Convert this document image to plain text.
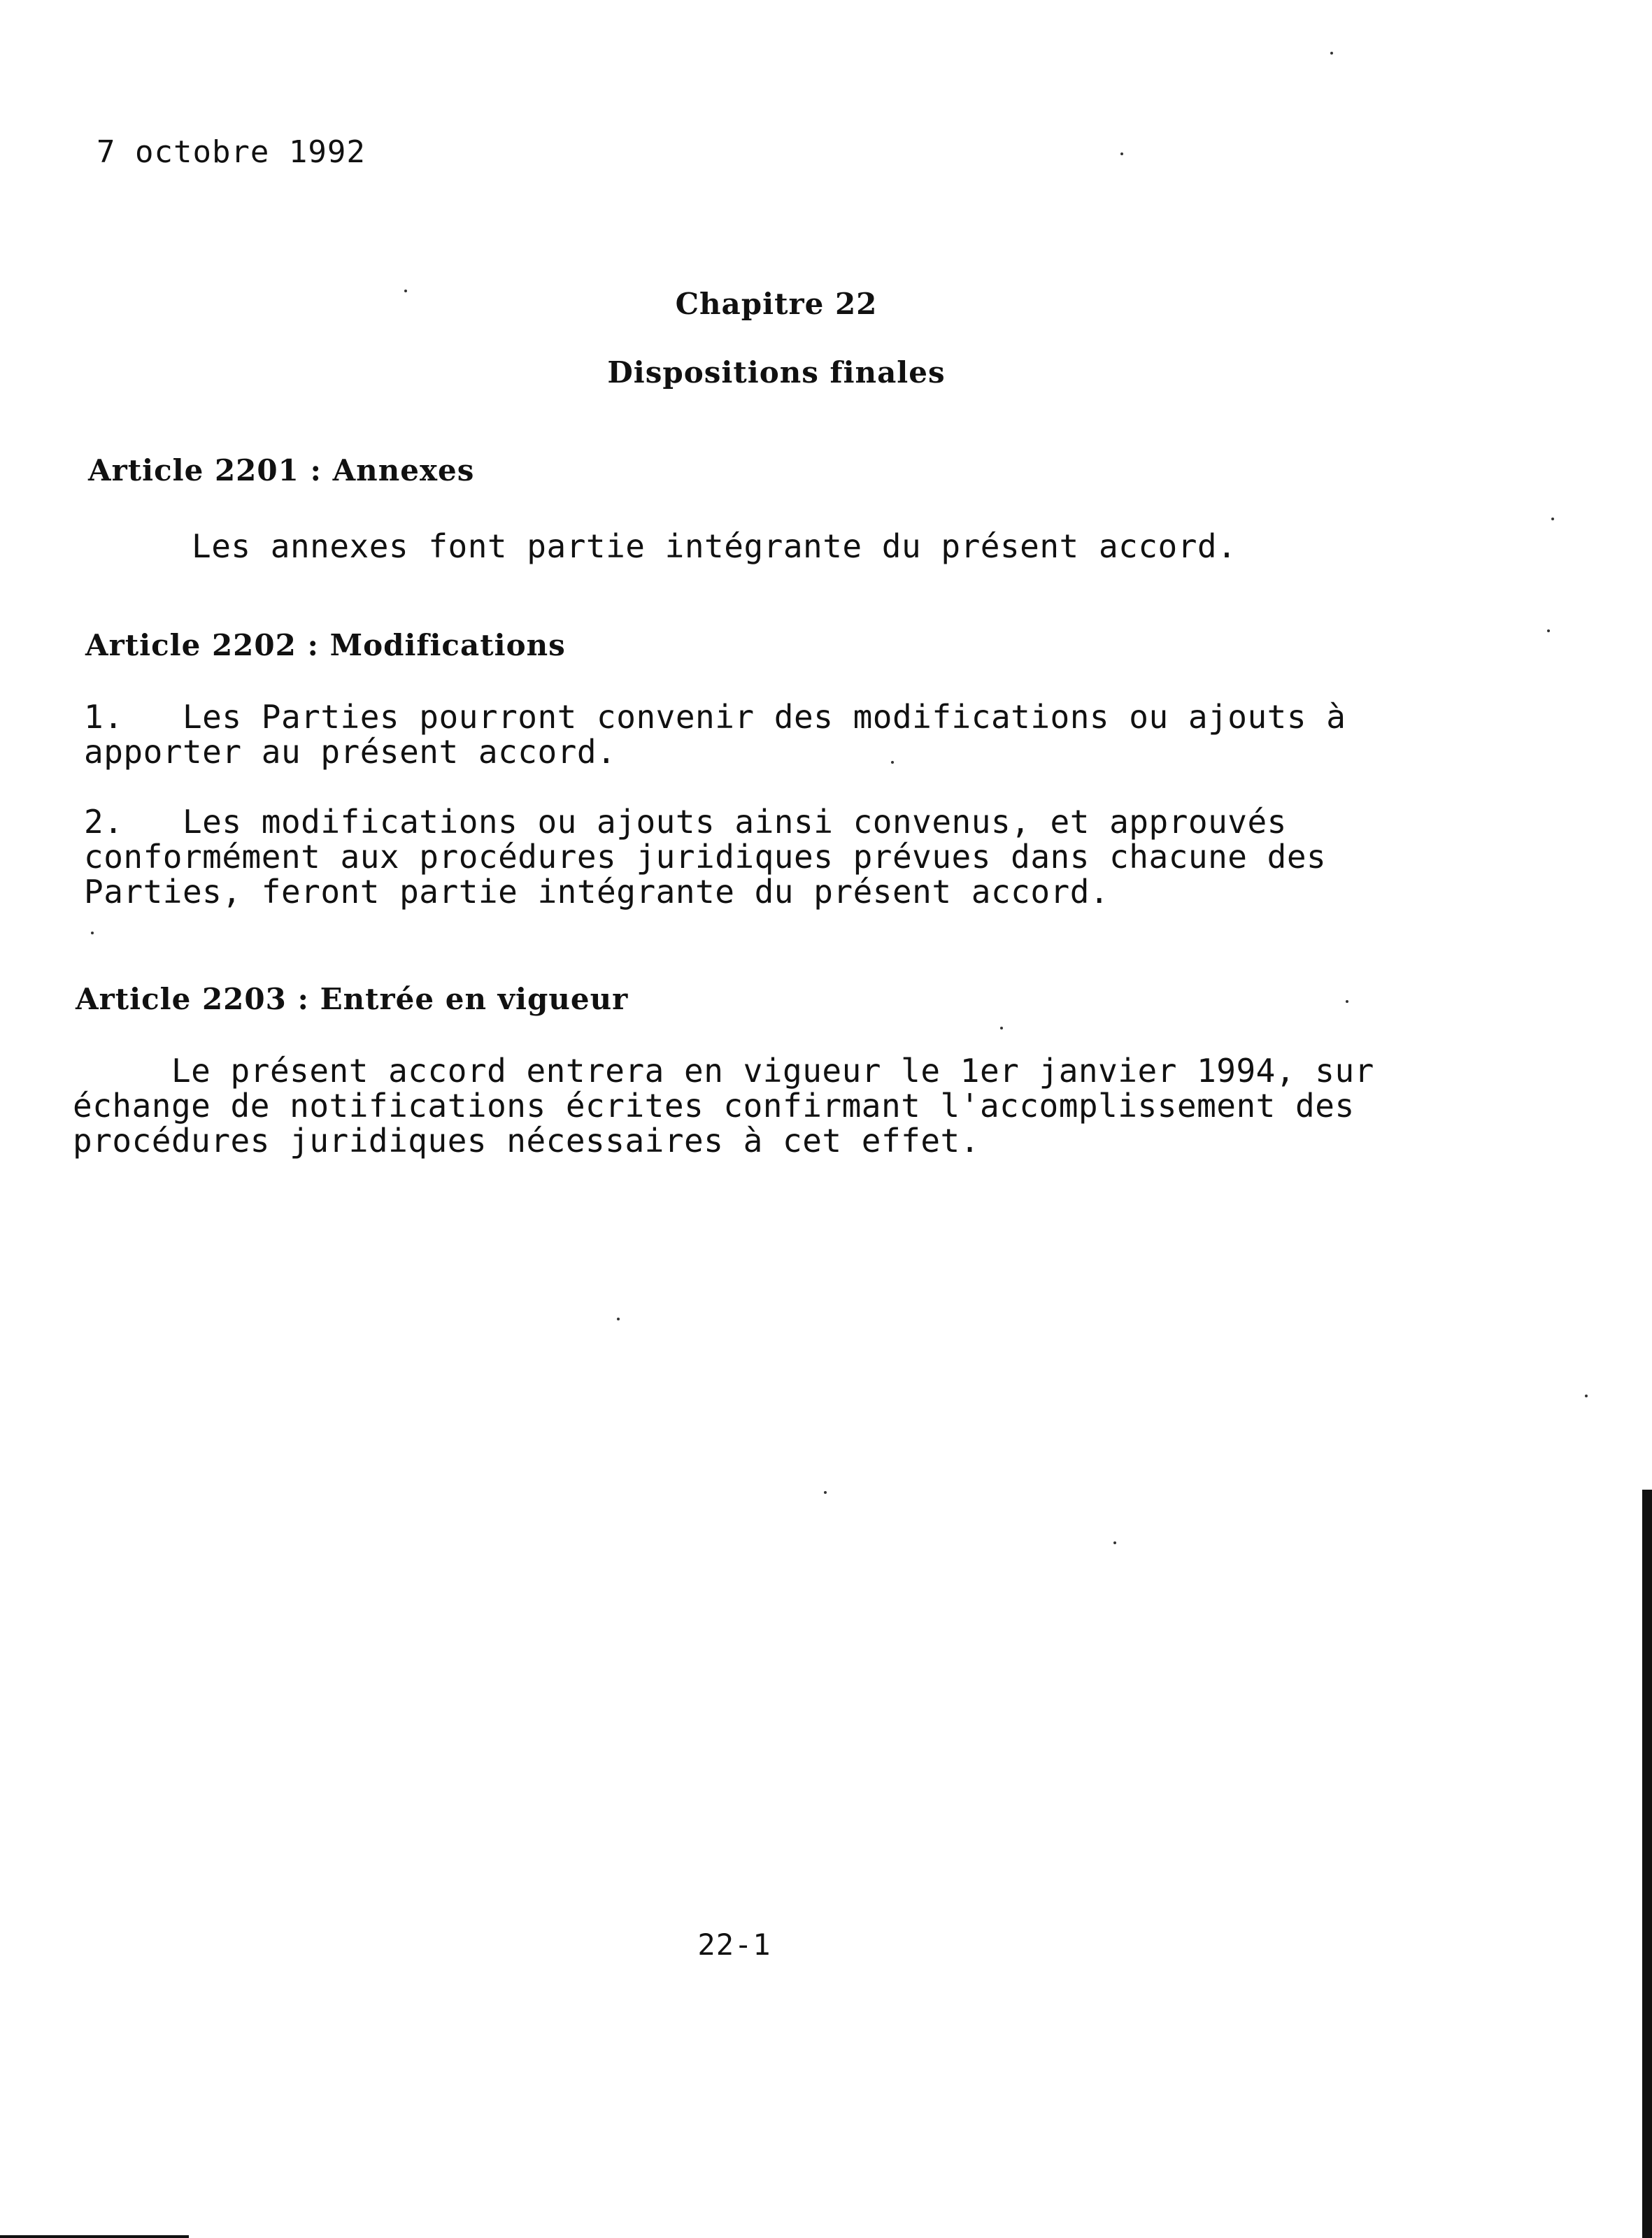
7 octobre 1992
Chapitre 22
Dispositions finales
Article 2201 : Annexes
Les annexes font partie intégrante du présent accord.
Article 2202 : Modifications
1.   Les Parties pourront convenir des modifications ou ajouts à
apporter au présent accord.
2.   Les modifications ou ajouts ainsi convenus, et approuvés
conformément aux procédures juridiques prévues dans chacune des
Parties, feront partie intégrante du présent accord.
Article 2203 : Entrée en vigueur
Le présent accord entrera en vigueur le 1er janvier 1994, sur
échange de notifications écrites confirmant l'accomplissement des
procédures juridiques nécessaires à cet effet.
22-1
